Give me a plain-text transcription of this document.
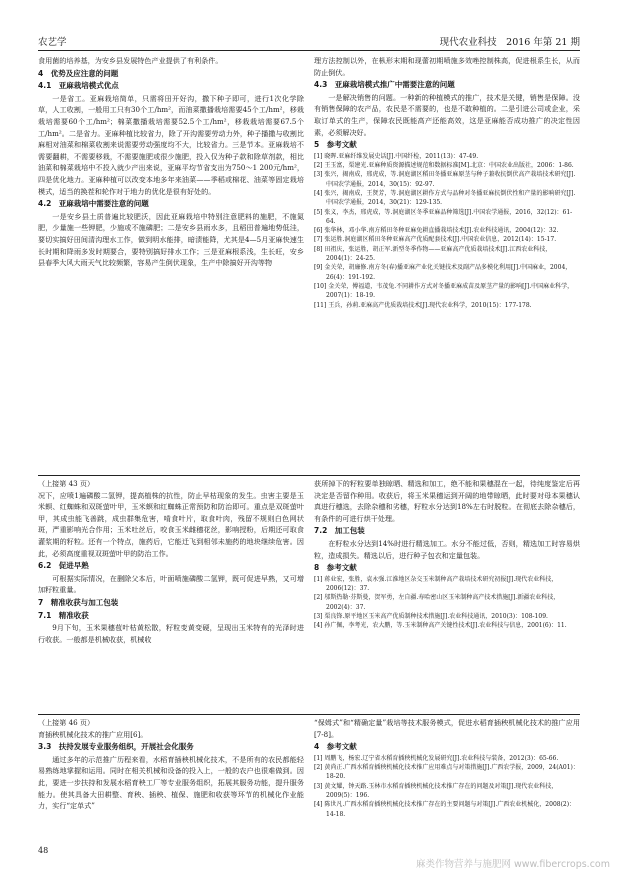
农艺学	现代农业科技　2016 年第 21 期

食用菌的培养基，为安乡县发展特色产业提供了有利条件。

4　优势及应注意的问题
4.1　亚麻栽培模式优点

一是省工。亚麻栽培简单，只需将田开好沟，撒下种子即可，进行1次化学除草，人工收割，一般用工只有30个工/hm²，而油菜撒播栽培需要45个工/hm²，移栽栽培需要60个工/hm²；棉菜撒播栽培需要52.5个工/hm²，移栽栽培需要67.5个工/hm²。二是省力。亚麻种植比较省力，除了开沟需要劳动力外，种子播撒与收割比麻相对油菜和棉菜收割来说需要劳动强度均不大，比较省力。三是节本。亚麻栽培不需要翻耕，不需要移栽，不需要施肥或很少施肥，投入仅为种子款和除草剂款，相比油菜和棉菜栽培中不投入就少产出来说，亚麻平均节省支出为750～1 200元/hm²，四是优化地力。亚麻种植可以改变本地多年来油菜——季稻或棉花、油菜等固定栽培模式，适当的换茬和轮作对于地力的优化是很有好处的。

4.2　亚麻栽培中需要注意的问题

一是安乡县土质普遍比较肥沃，因此亚麻栽培中特别注意肥料的施肥，不施氮肥，少量施一些钾肥，少施或不施磷肥；二是安乡县雨水多，且稻田普遍地势低洼，要切实搞好田间清沟理水工作，做到明水能排，暗渍能降，尤其是4—5月亚麻快速生长时期和降雨多发时期要合，要特别搞好排水工作；三是亚麻根系浅，生长旺，安乡县春季大风大雨天气比较频繁，容易产生倒伏现象，生产中除搞好开沟等物

理方法控制以外，在枞形末期和现蕾初期喷施多效唑控制株高，促进根系生长，从而防止倒伏。

4.3　亚麻栽培模式推广中需要注意的问题

一是解决销售的问题。一种新的种植模式的推广，技术是关键，销售是保障。没有销售保障的农产品，农民是不需要的，也是不敢种植的。二是引进公司或企业，采取订单式的生产，保障农民既能高产还能高效，这是亚麻能否成功推广的决定性因素，必须解决好。

5　参考文献
[1] 晓晖.亚麻纤维发展史话[J].中国纤检，2011(13)：47-49.
[2] 王玉富，栗建光.亚麻种质资源描述规范和数据标准[M].北京：中国农业出版社，2006：1-86.
[3] 张兴，揭南成，邢虎成，等.洞庭湖区稻田冬播亚麻原茎与种子兼收抗倒伏高产栽培技术研究[J].中国农学通报，2014，30(15)：92-97.
[4] 张兴，揭南成，王贤芳，等.洞庭湖区耕作方式与品种对冬播亚麻抗倒伏性和产量的影响研究[J].中国农学通报，2014，30(21)：129-135.
[5] 张义，李杰，邢虎成，等.洞庭湖区冬季亚麻品种筛选[J].中国农学通报，2016，32(12)：61-64.
[6] 张华林，邓小华.南方稻田冬种亚麻免耕直播栽培技术[J].农业科技通讯，2004(12)：32.
[7] 张运胜.洞庭湖区稻田冬种亚麻高产优质配套技术[J].中国农业信息，2012(14)：15-17.
[8] 田祖庆，张运胜，胡正军.新型冬季作物——亚麻高产优质栽培技术[J].江西农业科技，2004(1)：24-25.
[9] 金关荣，胡廉修.南方冬(春)播亚麻产业化关键技术及副产品多模化利用[J].中国麻业，2004，26(4)：191-192.
[10] 金关荣，傅福道，韦茂兔.不同耕作方式对冬播亚麻成苗及原茎产量的影响[J].中国麻业科学，2007(1)：18-19.
[11] 王兵，孙莉.亚麻高产优质栽培技术[J].现代农业科学，2010(15)：177-178.
（上接第 43 页）

况下，应喷1遍磷酸二氢钾，提高植株的抗性，防止早枯现象的发生。虫害主要是玉米螟、红蜘蛛和双斑萤叶甲，玉米螟和红蜘蛛正常预防和防治即可。重点是双斑萤叶甲，其成虫能飞善跳，成虫群集危害，啃食叶片，取食叶肉，残留不规则白色网状斑，严重影响光合作用；玉米吐丝后，咬食玉米雌穗花丝，影响授粉，后期还可取食灌浆期的籽粒。还有一个特点，施药后，它能迁飞到相邻未施药的地块继续危害。因此，必须高度重视双斑萤叶甲的防治工作。

6.2　促进早熟

可根据实际情况，在删除父本后，叶面喷施磷酸二氢钾，既可促进早熟，又可增加籽粒重量。

7　精准收获与加工包装
7.1　精准收获

9月下旬，玉米果穗苞叶枯黄松散，籽粒变黄变硬，呈现出玉米特有的光泽时进行收获。一般都是机械收获，机械收

获所掉下的籽粒要单独晾晒、精选和加工，绝不能和果穗混在一起，待纯度鉴定后再决定是否留作种用。收获后，将玉米果穗运到开阔的地带晾晒，此时要对母本果穗认真进行穗选，去除杂穗和劣穗，籽粒水分达到18%左右时脱粒。在彻底去除杂穗后，有条件的可进行烘干处理。

7.2　加工包装

在籽粒水分达到14%时进行精选加工。水分不能过低，否则，精选加工时容易烘粒，造成损失。精选以后，进行种子包衣和定量包装。

8　参考文献
[1] 蒋业宏，张胜，袁永强.江淮地区杂交玉米制种高产栽培技术研究初报[J].现代农业科技，2006(12)：37.
[2] 邬斯热勒·芬斯曼，贺军勇，左自疆.寿哈密山区玉米制种高产技术措施[J].新疆农业科技，2002(4)：37.
[3] 栗良锋.原平地区玉米高产优质制种技术措施[J].农业科技通讯，2010(3)：108-109.
[4] 孙广佩，李考光，农大鹏，等.玉米制种高产关键性技术[J].农业科技与信息，2001(6)：11.
（上接第 46 页）

育插秧机械化技术的推广应用[6]。

3.3　扶持发展专业服务组织，开展社会化服务

通过多年的示范推广历程来看，水稻育插秧机械化技术，不是所有的农民都能轻易熟练地掌握和运用。同时在相关机械和设备的投入上，一般的农户也很难做到。因此，要进一步扶持和发展水稻育秧工厂等专业服务组织，拓展其服务功能，提升服务能力。使其具备大田耕整、育秧、插秧、植保、施肥和收获等环节的机械化作业能力，实行“定单式”

“保姆式”和“精确定量”栽培等技术服务模式，促进水稻育插秧机械化技术的推广应用[7-8]。

4　参考文献
[1] 周鹏飞，杨宏.辽宁省水稻育插秧机械化发展研究[J].农业科技与装备，2012(3)：65-66.
[2] 黄尚正.广西水稻育插秧机械化技术推广应用难点与对策措施[J].广西农学报，2009，24(A01)：18-20.
[3] 黄文耀，钟天路.玉林市水稻育插秧机械化技术推广存在的问题及对策[J].现代农业科技，2009(5)：196.
[4] 陈世凡.广西水稻育插秧机械化技术推广存在的主要问题与对策[J].广西农业机械化，2008(2)：14-18.
48
麻类作物营养与施肥网 www.fibercrops.com
